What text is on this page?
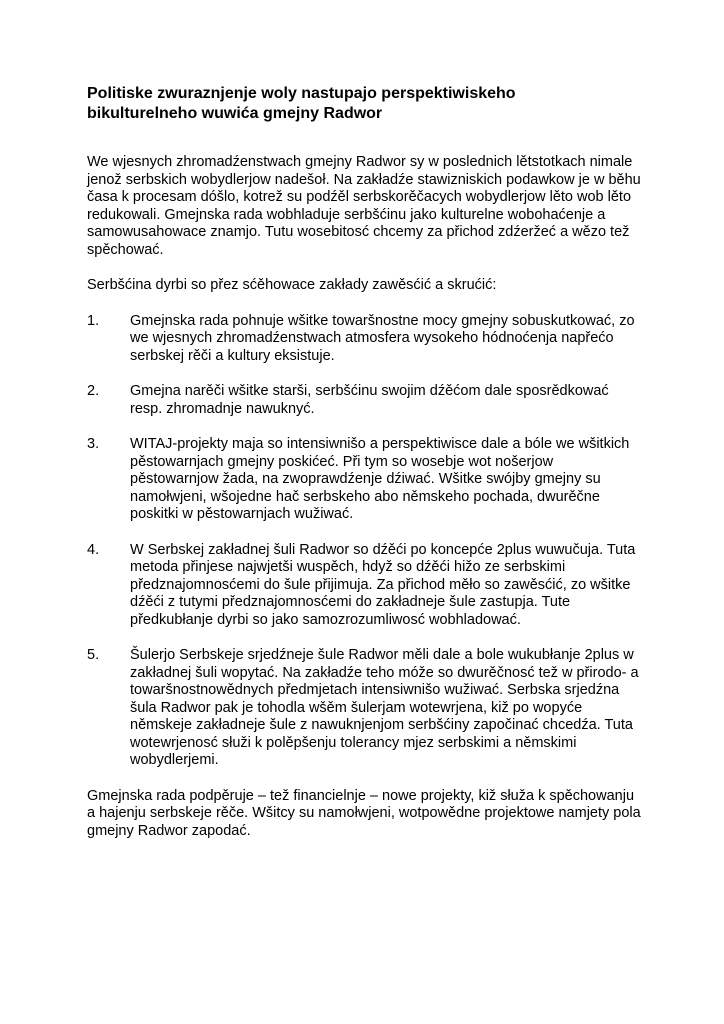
Politiske zwuraznjenje woly nastupajo perspektiwiskeho
bikulturelneho wuwića gmejny Radwor

We wjesnych zhromadźenstwach gmejny Radwor sy w poslednich lětstotkach nimale jenož serbskich wobydlerjow nadešoł. Na zakładźe stawizniskich podawkow je w běhu časa k procesam dóšlo, kotrež su podźěl serbskorěčacych wobydlerjow lěto wob lěto redukowali. Gmejnska rada wobhladuje serbšćinu jako kulturelne wobohaćenje a samowusahowace znamjo. Tutu wosebitosć chcemy za přichod zdźeržeć a wězo tež spěchować.

Serbšćina dyrbi so přez sćěhowace zakłady zawěsćić a skrućić:

1.	Gmejnska rada pohnuje wšitke towaršnostne mocy gmejny sobuskutkować, zo we wjesnych zhromadźenstwach atmosfera wysokeho hódnoćenja napřećo serbskej rěči a kultury eksistuje.
2.	Gmejna narěči wšitke starši, serbšćinu swojim dźěćom dale sposrědkować resp. zhromadnje nawuknyć.
3.	WITAJ-projekty maja so intensiwnišo a perspektiwisce dale a bóle we wšitkich pěstowarnjach gmejny poskićeć. Při tym so wosebje wot nošerjow pěstowarnjow žada, na zwoprawdźenje dźiwać. Wšitke swójby gmejny su namołwjeni, wšojedne hač serbskeho abo němskeho pochada, dwurěčne poskitki w pěstowarnjach wužiwać.
4.	W Serbskej zakładnej šuli Radwor so dźěći po koncepće 2plus wuwučuja. Tuta metoda přinjese najwjetši wuspěch, hdyž so dźěći hižo ze serbskimi předznajomnosćemi do šule přijimuja. Za přichod měło so zawěsćić, zo wšitke dźěći z tutymi předznajomnosćemi do zakładneje šule zastupja. Tute předkubłanje dyrbi so jako samozrozumliwosć wobhladować.
5.	Šulerjo Serbskeje srjedźneje šule Radwor měli dale a bole wukubłanje 2plus w zakładnej šuli wopytać. Na zakładźe teho móže so dwurěčnosć tež w přirodo- a towaršnostnowědnych předmjetach intensiwnišo wužiwać. Serbska srjedźna šula Radwor pak je tohodla wšěm šulerjam wotewrjena, kiž po wopyće němskeje zakładneje šule z nawuknjenjom serbšćiny započinać chcedźa. Tuta wotewrjenosć słuži k polěpšenju tolerancy mjez serbskimi a němskimi wobydlerjemi.

Gmejnska rada podpěruje – tež financielnje – nowe projekty, kiž słuža k spěchowanju a hajenju serbskeje rěče. Wšitcy su namołwjeni, wotpowědne projektowe namjety pola gmejny Radwor zapodać.
